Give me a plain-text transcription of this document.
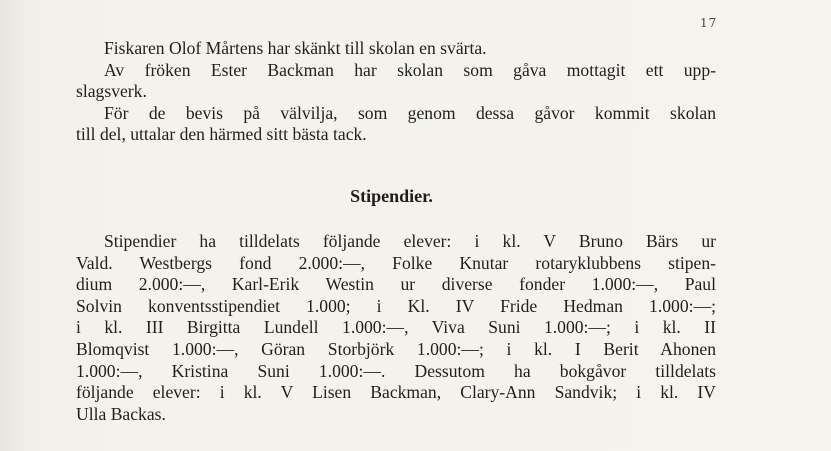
17
Fiskaren Olof Mårtens har skänkt till skolan en svärta.
Av fröken Ester Backman har skolan som gåva mottagit ett upp-
slagsverk.
För de bevis på välvilja, som genom dessa gåvor kommit skolan
till del, uttalar den härmed sitt bästa tack.
Stipendier.
Stipendier ha tilldelats följande elever: i kl. V Bruno Bärs ur
Vald. Westbergs fond 2.000:—, Folke Knutar rotaryklubbens stipen-
dium 2.000:—, Karl-Erik Westin ur diverse fonder 1.000:—, Paul
Solvin konventsstipendiet 1.000; i Kl. IV Fride Hedman 1.000:—;
i kl. III Birgitta Lundell 1.000:—, Viva Suni 1.000:—; i kl. II
Blomqvist 1.000:—, Göran Storbjörk 1.000:—; i kl. I Berit Ahonen
1.000:—, Kristina Suni 1.000:—. Dessutom ha bokgåvor tilldelats
följande elever: i kl. V Lisen Backman, Clary-Ann Sandvik; i kl. IV
Ulla Backas.
